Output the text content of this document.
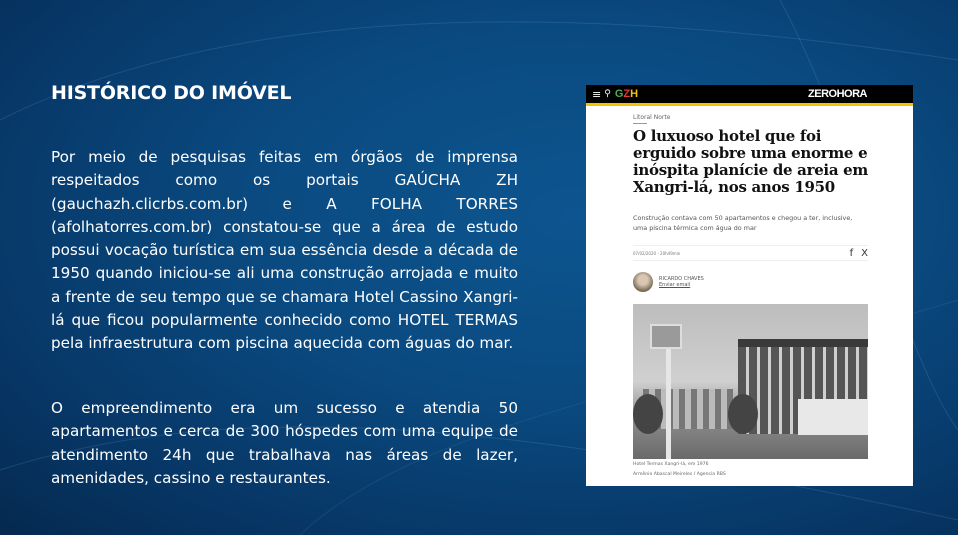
HISTÓRICO DO IMÓVEL

Por meio de pesquisas feitas em órgãos de imprensa respeitados como os portais GAÚCHA ZH (gauchazh.clicrbs.com.br) e A FOLHA TORRES (afolhatorres.com.br) constatou-se que a área de estudo possui vocação turística em sua essência desde a década de 1950 quando iniciou-se ali uma construção arrojada e muito a frente de seu tempo que se chamara Hotel Cassino Xangri-lá que ficou popularmente conhecido como HOTEL TERMAS pela infraestrutura com piscina aquecida com águas do mar.

O empreendimento era um sucesso e atendia 50 apartamentos e cerca de 300 hóspedes com uma equipe de atendimento 24h que trabalhava nas áreas de lazer, amenidades, cassino e restaurantes.

≡ ⚲ GZH	ZEROHORA
Litoral Norte
O luxuoso hotel que foi erguido sobre uma enorme e inóspita planície de areia em Xangri-lá, nos anos 1950
Construção contava com 50 apartamentos e chegou a ter, inclusive, uma piscina térmica com água do mar
07/02/2020 - 20h49min	f X
RICARDO CHAVES
Enviar email
Hotel Termas Xangri-lá, em 1976
Armênio Abascal Meireles / Agencia RBS
